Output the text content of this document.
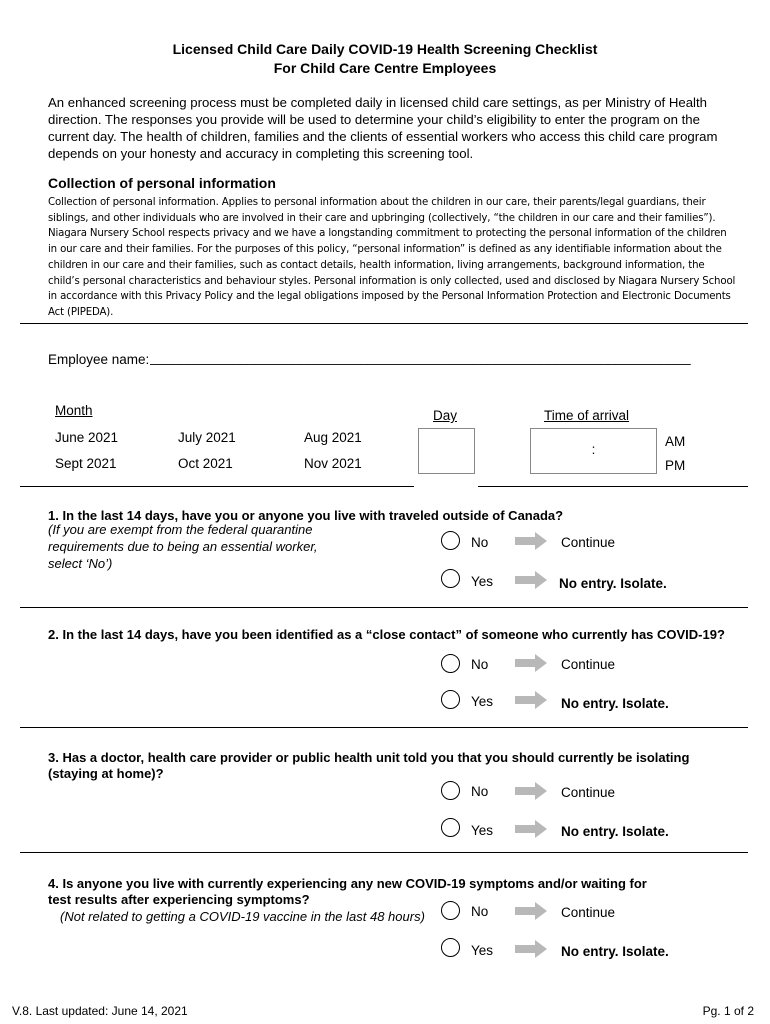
Licensed Child Care Daily COVID-19 Health Screening Checklist
For Child Care Centre Employees
An enhanced screening process must be completed daily in licensed child care settings, as per Ministry of Health direction. The responses you provide will be used to determine your child’s eligibility to enter the program on the current day. The health of children, families and the clients of essential workers who access this child care program depends on your honesty and accuracy in completing this screening tool.
Collection of personal information
Collection of personal information. Applies to personal information about the children in our care, their parents/legal guardians, their siblings, and other individuals who are involved in their care and upbringing (collectively, “the children in our care and their families”). Niagara Nursery School respects privacy and we have a longstanding commitment to protecting the personal information of the children in our care and their families. For the purposes of this policy, “personal information” is defined as any identifiable information about the children in our care and their families, such as contact details, health information, living arrangements, background information, the child’s personal characteristics and behaviour styles. Personal information is only collected, used and disclosed by Niagara Nursery School in accordance with this Privacy Policy and the legal obligations imposed by the Personal Information Protection and Electronic Documents Act (PIPEDA).
Employee name: ________________________________________________________________________
Month
June 2021	July 2021	Aug 2021
Sept 2021	Oct 2021	Nov 2021
Day	Time of arrival
:
AM
PM
1. In the last 14 days, have you or anyone you live with traveled outside of Canada?
(If you are exempt from the federal quarantine requirements due to being an essential worker, select ‘No’)
No	Continue
Yes	No entry. Isolate.
2. In the last 14 days, have you been identified as a “close contact” of someone who currently has COVID-19?
No	Continue
Yes	No entry. Isolate.
3. Has a doctor, health care provider or public health unit told you that you should currently be isolating (staying at home)?
No	Continue
Yes	No entry. Isolate.
4. Is anyone you live with currently experiencing any new COVID-19 symptoms and/or waiting for test results after experiencing symptoms?
(Not related to getting a COVID-19 vaccine in the last 48 hours)	No	Continue
Yes	No entry. Isolate.
V.8. Last updated: June 14, 2021	Pg. 1 of 2
